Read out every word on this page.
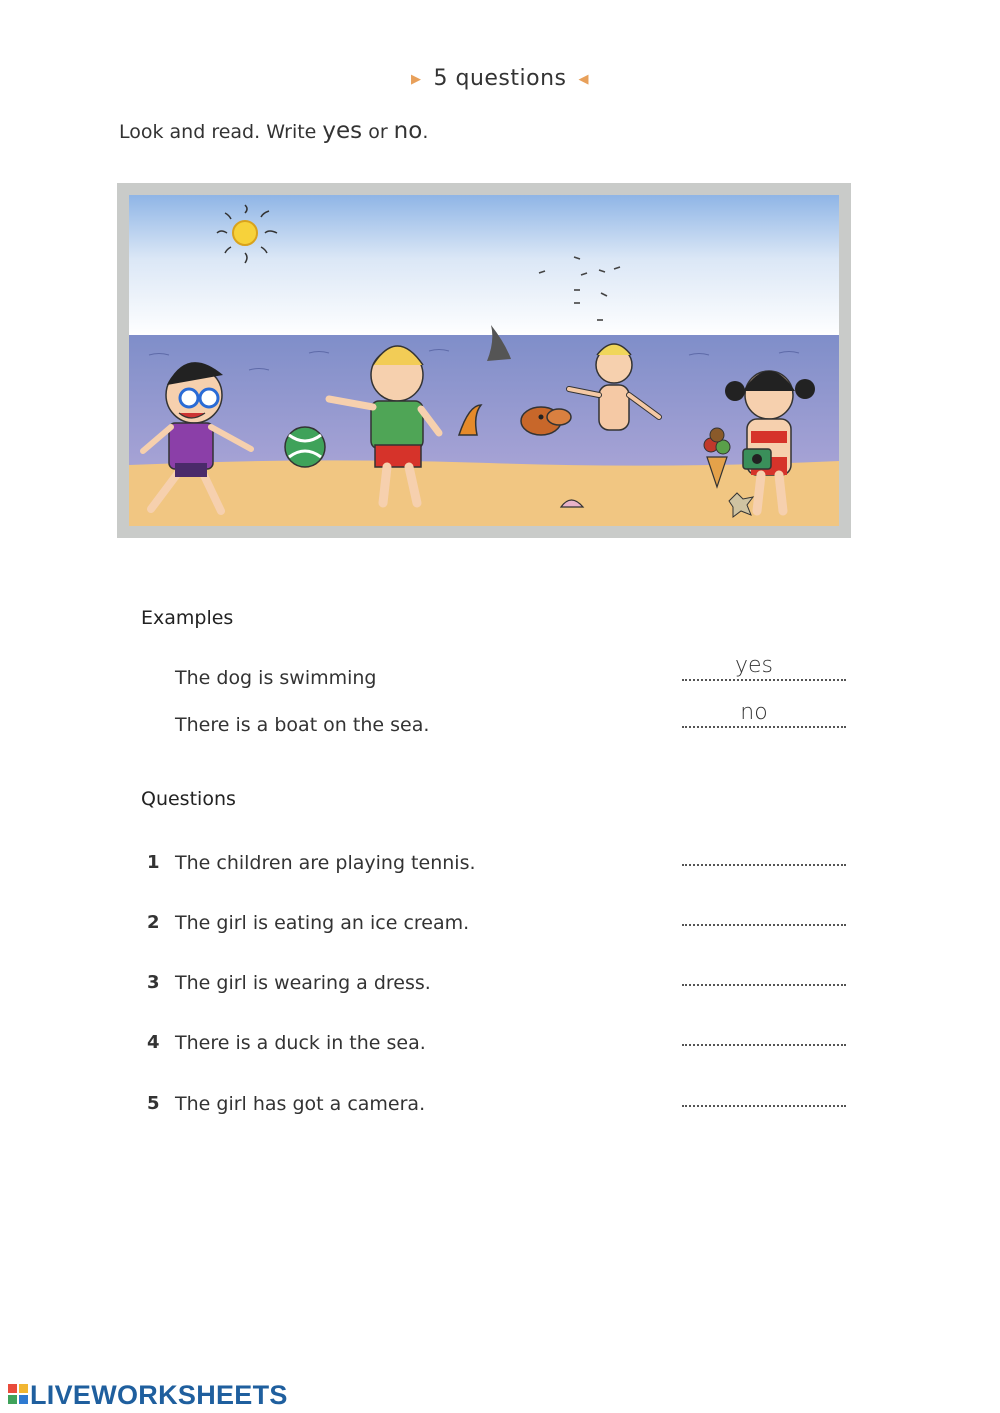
▶ 5 questions ◀
Look and read. Write yes or no.
Examples
The dog is swimming	yes
There is a boat on the sea.	no
Questions
1 The children are playing tennis.
2 The girl is eating an ice cream.
3 The girl is wearing a dress.
4 There is a duck in the sea.
5 The girl has got a camera.
LIVEWORKSHEETS
